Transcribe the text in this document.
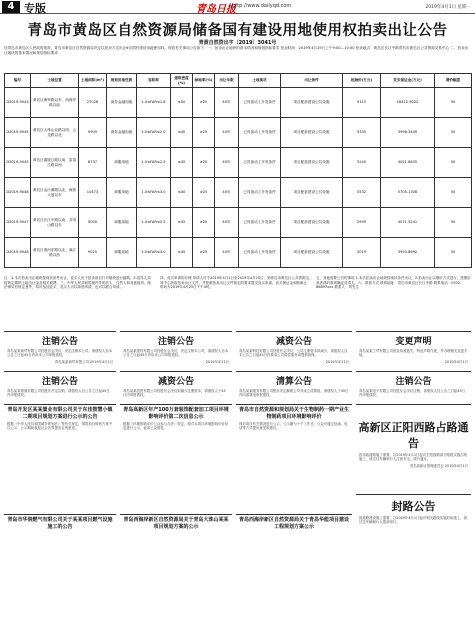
4 专版	青岛日报
http://www.dailyqd.com	2019年4月1日 星期一
青岛市黄岛区自然资源局储备国有建设用地使用权拍卖出让公告
青黄自然资出字〔2019〕3041号
经青岛市黄岛区人民政府批准，青岛市黄岛区自然资源局决定以拍卖方式出让6宗国有建设用地使用权。现将有关事项公告如下：一、拍卖出让地块的基本情况和规划指标要求 拍卖时间：2019年4月29日上午9:00—10:00 拍卖地点：黄岛区长江中路青岛市黄岛区公共资源交易中心 二、拍卖出让地块的基本情况和规划指标要求
编号	土地位置	土地面积(m²)	规划用地性质	容积率	建筑密度(%)	绿地率(%)	出让年限	土地现状	出让条件	起始价(万元)	竞买保证金(万元)	增价幅度
D2019-9043	黄岛区海军路以东、西海岸路以南	27026	商务金融用地	1.0≤FAR≤1.8	≤50	≥25	40年	已具备动工开发条件	项目配套建设公共设施	9115	18412.9022	50
D2019-9044	黄岛区大珠山北路以西、云龙路以北	9909	商务金融用地	1.0≤FAR≤2.0	≤40	≥25	40年	已具备动工开发条件	项目配套建设公共设施	3335	3996.3449	50
D2019-9045	黄岛区嘉陵江路以南、富春江路以西	6737	商服用地	1.0≤FAR≤2.5	≤45	≥20	40年	已具备动工开发条件	项目配套建设公共设施	3240	4051.8635	50
D2019-9046	黄岛区金沙滩路以北、海滨大道以东	10473	商服用地	1.0≤FAR≤3.0	≤40	≥25	40年	已具备动工开发条件	项目配套建设公共设施	3532	5705.1308	50
D2019-9047	黄岛区长江中路以南、井冈山路以东	9000	商服用地	1.0≤FAR≤2.5	≤45	≥20	40年	已具备动工开发条件	项目配套建设公共设施	2999	4071.5241	50
D2019-9048	黄岛区淮河东路以北、漓江路以西	9025	商服用地	1.0≤FAR≤3.0	≤45	≥20	40年	已具备动工开发条件	项目配套建设公共设施	3019	3993.8692	50
注：1.本次拍卖出让地块按现状条件出让，竞买人应于拍卖前自行对地块进行踏勘。2.竞得人须按规定缴纳土地出让金及相关税费。三、中华人民共和国境内外的法人、自然人和其他组织，除法律另有规定者外，均可参加竞买，竞买人可以单独申请，也可以联合申请。
四、竞买申请的办理 申请人可于2019年4月1日至2019年4月25日，到青岛市黄岛区公共资源交易中心获取拍卖出让文件，并按照拍卖出让文件规定的要求提交竞买申请。竞买保证金到账截止时间为2019年4月25日下午4时。
五、其他需要公告的事项 1.本次拍卖出让地块按现状条件出让。2.拍卖出让以增价方式进行，按照价高者得的原则确定竞得人。六、联系方式 联系地址：青岛市黄岛区长江中路 联系电话：0532-86897xxx 联系人：刘先生
注销公告
青岛某某商贸有限公司经股东会决议，决定注销本公司，请债权人自本公告之日起45日内向本公司申报债权。
青岛某某商贸有限公司 2019年4月1日
注销公告
青岛某某建材有限公司经股东会决议，决定注销本公司，请债权人自本公告之日起45日内向本公司申报债权。
2019年4月1日
减资公告
青岛某某科技有限公司经股东会决议，公司注册资本拟减少，请债权人自本公告之日起45日内要求公司清偿债务或提供担保。
2019年4月1日
变更声明
青岛某某工贸有限公司营业执照遗失，特此声明作废，并办理相关变更手续。
2019年4月1日
注销公告
青岛某某物流有限公司经股东决定注销，请债权人自公告之日起45日内申报债权。
减资公告
青岛某某投资有限公司经股东会决议拟减少注册资本，请债权人于45日内申报债权。
清算公告
青岛某某服务有限公司股东决定解散公司并成立清算组，请债权人于45日内向清算组申报债权。
注销公告
青岛某某电子有限公司经股东会决议注销，请债权人自公告之日起45日内申报债权。
青岛开发区某某置业有限公司关于东佳智慧小镇二期项目规划方案进行公示的公告
根据《中华人民共和国城乡规划法》等有关规定，现将项目规划方案予以公示，公示期间欢迎社会各界提出宝贵意见。
青岛高新区年产100万套装饰配套加工项目环境影响评价第二次信息公示
根据《环境影响评价公众参与办法》规定，现对本项目环境影响评价信息进行公示，征求公众意见。
青岛市自然资源和规划局关于生物制药一期产业生物制药项目环境影响评价
现对项目有关情况进行公示，公示期为十个工作日，公众可通过信函、电话等方式提出意见和建议。	高新区正阳西路占路通告
因市政道路施工需要，自2019年4月1日起对正阳西路部分路段实施占路施工，请过往车辆和行人注意安全，绕行通过。
青岛高新区管理委员会 2019年4月1日
封路公告
因道路建设施工需要，自2019年4月1日起对相关路段实施封闭施工，请过往车辆和行人提前绕行。
青岛市华润燃气有限公司关于某某项目燃气设施施工的公告
青岛西海岸新区自然资源局关于青岛大珠山某某项目规划方案的公示
青岛西海岸新区自然资源局关于青岛华能项目建设工程规划方案公示
